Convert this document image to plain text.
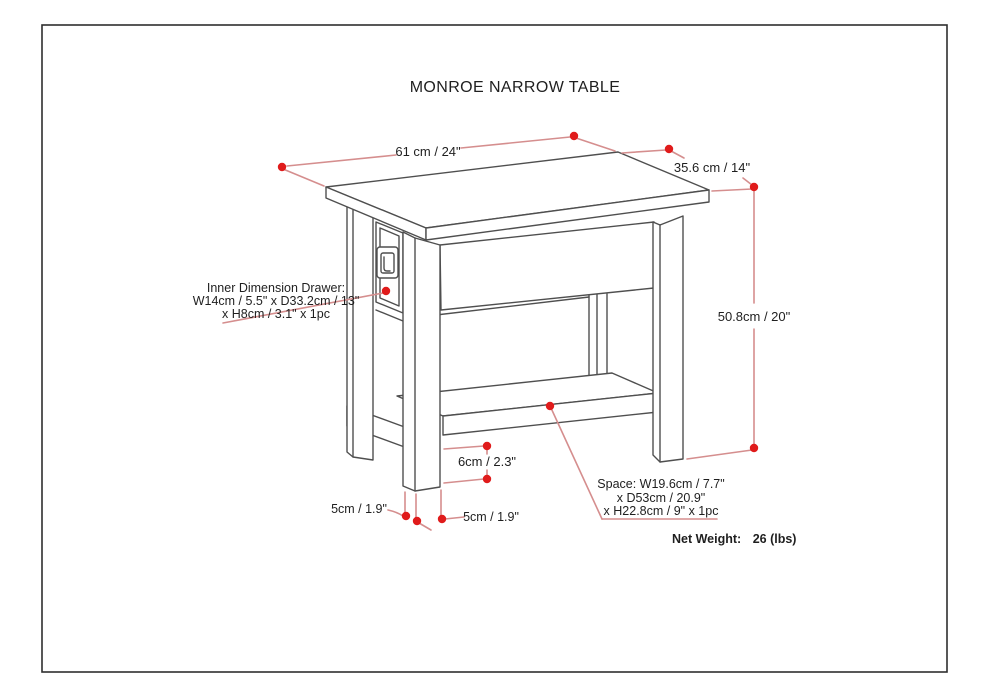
MONROE NARROW TABLE
61 cm / 24"
35.6 cm / 14"
50.8cm / 20"
Inner Dimension Drawer:
W14cm / 5.5" x D33.2cm / 13"
x H8cm / 3.1" x 1pc
6cm / 2.3"
5cm / 1.9"
5cm / 1.9"
Space: W19.6cm / 7.7"
x D53cm / 20.9"
x H22.8cm / 9" x 1pc
Net Weight: 26 (lbs)
